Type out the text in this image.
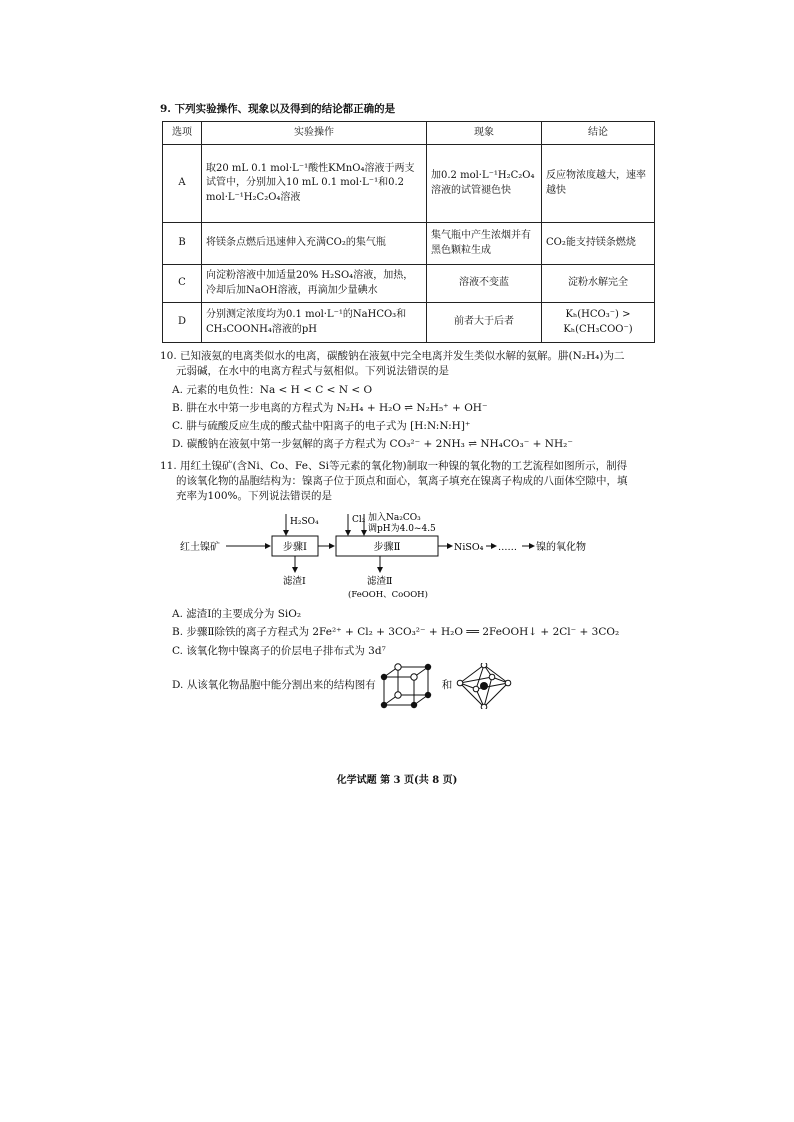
9. 下列实验操作、现象以及得到的结论都正确的是
选项	实验操作	现象	结论
A	取20 mL 0.1 mol·L⁻¹酸性KMnO₄溶液于两支试管中，分别加入10 mL 0.1 mol·L⁻¹和0.2 mol·L⁻¹H₂C₂O₄溶液	加0.2 mol·L⁻¹H₂C₂O₄溶液的试管褪色快	反应物浓度越大，速率越快
B	将镁条点燃后迅速伸入充满CO₂的集气瓶	集气瓶中产生浓烟并有黑色颗粒生成	CO₂能支持镁条燃烧
C	向淀粉溶液中加适量20% H₂SO₄溶液，加热，冷却后加NaOH溶液，再滴加少量碘水	溶液不变蓝	淀粉水解完全
D	分别测定浓度均为0.1 mol·L⁻¹的NaHCO₃和CH₃COONH₄溶液的pH	前者大于后者	Kₕ(HCO₃⁻) > Kₕ(CH₃COO⁻)

10. 已知液氨的电离类似水的电离，碳酸钠在液氨中完全电离并发生类似水解的氨解。肼(N₂H₄)为二元弱碱，在水中的电离方程式与氨相似。下列说法错误的是

A. 元素的电负性：Na < H < C < N < O
B. 肼在水中第一步电离的方程式为 N₂H₄ + H₂O ⇌ N₂H₅⁺ + OH⁻
C. 肼与硫酸反应生成的酸式盐中阳离子的电子式为 [H:N:N:H]⁺
D. 碳酸钠在液氨中第一步氨解的离子方程式为 CO₃²⁻ + 2NH₃ ⇌ NH₄CO₃⁻ + NH₂⁻

11. 用红土镍矿(含Ni、Co、Fe、Si等元素的氧化物)制取一种镍的氧化物的工艺流程如图所示，制得的该氧化物的晶胞结构为：镍离子位于顶点和面心，氧离子填充在镍离子构成的八面体空隙中，填充率为100%。下列说法错误的是

红土镍矿	步骤Ⅰ
H₂SO₄
滤渣Ⅰ
步骤Ⅱ
Cl₂ 加入Na₂CO₃
调pH为4.0~4.5
滤渣Ⅱ
(FeOOH、CoOOH)
NiSO₄ …… 镍的氧化物
A. 滤渣Ⅰ的主要成分为 SiO₂
B. 步骤Ⅱ除铁的离子方程式为 2Fe²⁺ + Cl₂ + 3CO₃²⁻ + H₂O ══ 2FeOOH↓ + 2Cl⁻ + 3CO₂
C. 该氧化物中镍离子的价层电子排布式为 3d⁷
D. 从该氧化物晶胞中能分割出来的结构图有	和
化学试题 第 3 页(共 8 页)
